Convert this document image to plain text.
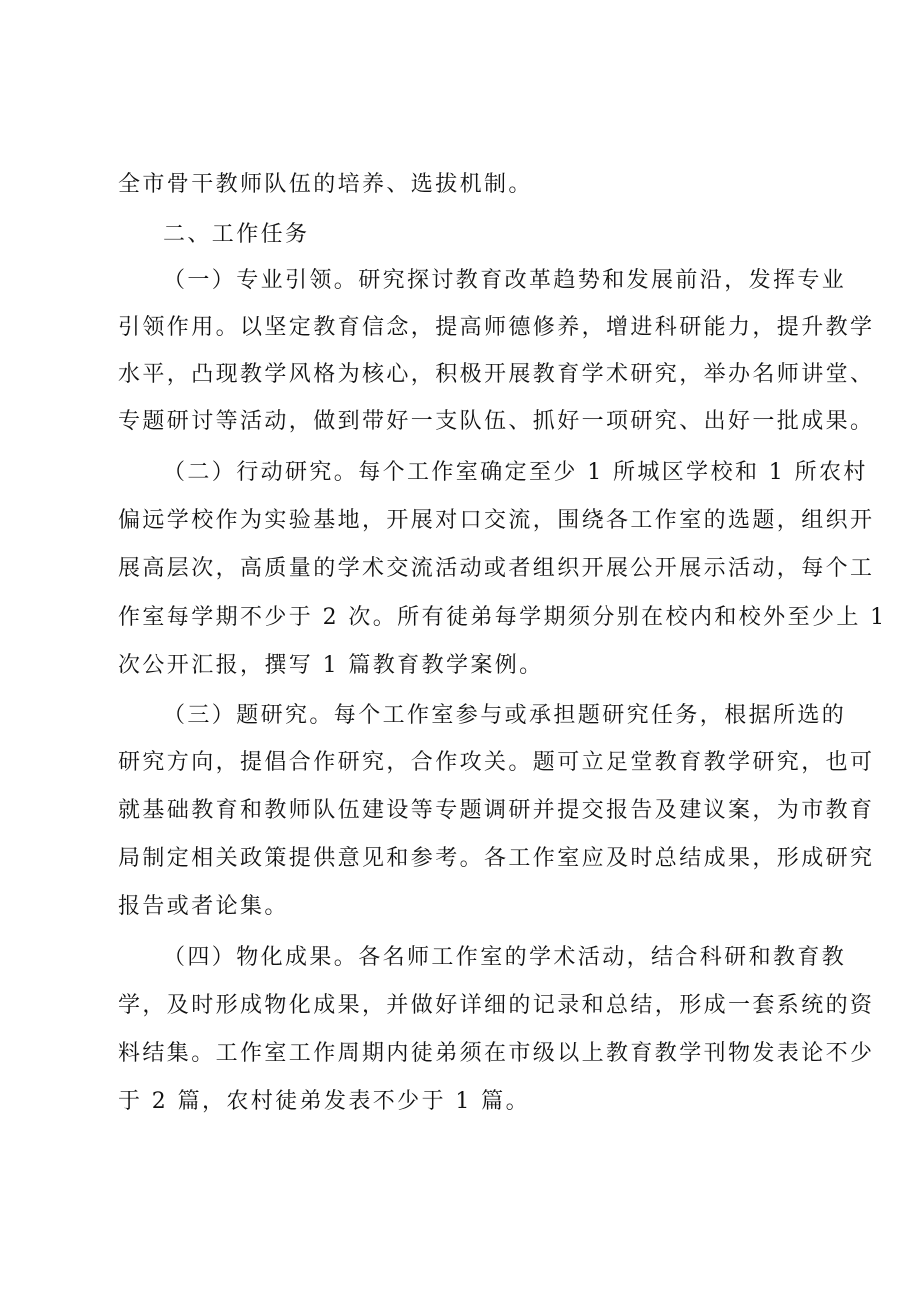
全市骨干教师队伍的培养、选拔机制。
二、工作任务
（一）专业引领。研究探讨教育改革趋势和发展前沿，发挥专业
引领作用。以坚定教育信念，提高师德修养，增进科研能力，提升教学
水平，凸现教学风格为核心，积极开展教育学术研究，举办名师讲堂、
专题研讨等活动，做到带好一支队伍、抓好一项研究、出好一批成果。
（二）行动研究。每个工作室确定至少 1 所城区学校和 1 所农村
偏远学校作为实验基地，开展对口交流，围绕各工作室的选题，组织开
展高层次，高质量的学术交流活动或者组织开展公开展示活动，每个工
作室每学期不少于 2 次。所有徒弟每学期须分别在校内和校外至少上 1
次公开汇报，撰写 1 篇教育教学案例。
（三）题研究。每个工作室参与或承担题研究任务，根据所选的
研究方向，提倡合作研究，合作攻关。题可立足堂教育教学研究，也可
就基础教育和教师队伍建设等专题调研并提交报告及建议案，为市教育
局制定相关政策提供意见和参考。各工作室应及时总结成果，形成研究
报告或者论集。
（四）物化成果。各名师工作室的学术活动，结合科研和教育教
学，及时形成物化成果，并做好详细的记录和总结，形成一套系统的资
料结集。工作室工作周期内徒弟须在市级以上教育教学刊物发表论不少
于 2 篇，农村徒弟发表不少于 1 篇。
